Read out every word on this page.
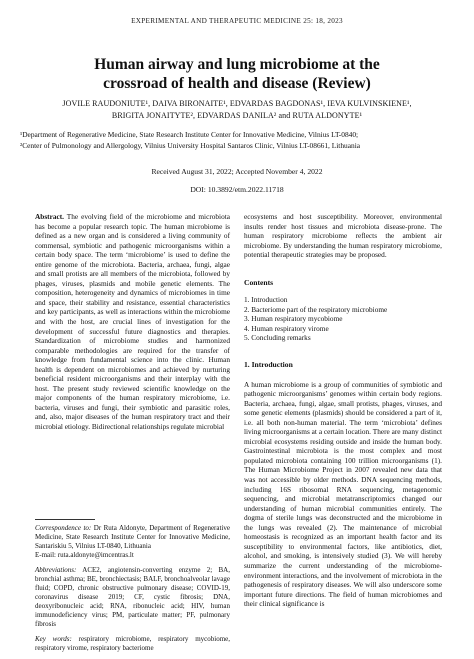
EXPERIMENTAL AND THERAPEUTIC MEDICINE 25: 18, 2023
Human airway and lung microbiome at the
crossroad of health and disease (Review)
JOVILE RAUDONIUTE¹, DAIVA BIRONAITE¹, EDVARDAS BAGDONAS¹, IEVA KULVINSKIENE¹,
BRIGITA JONAITYTE², EDVARDAS DANILA² and RUTA ALDONYTE¹

¹Department of Regenerative Medicine, State Research Institute Center for Innovative Medicine, Vilnius LT-0840;

²Center of Pulmonology and Allergology, Vilnius University Hospital Santaros Clinic, Vilnius LT-08661, Lithuania

Received August 31, 2022; Accepted November 4, 2022
DOI: 10.3892/etm.2022.11718

Abstract. The evolving field of the microbiome and microbiota has become a popular research topic. The human microbiome is defined as a new organ and is considered a living community of commensal, symbiotic and pathogenic microorganisms within a certain body space. The term ‘microbiome’ is used to define the entire genome of the microbiota. Bacteria, archaea, fungi, algae and small protists are all members of the microbiota, followed by phages, viruses, plasmids and mobile genetic elements. The composition, heterogeneity and dynamics of microbiomes in time and space, their stability and resistance, essential characteristics and key participants, as well as interactions within the microbiome and with the host, are crucial lines of investigation for the development of successful future diagnostics and therapies. Standardization of microbiome studies and harmonized comparable methodologies are required for the transfer of knowledge from fundamental science into the clinic. Human health is dependent on microbiomes and achieved by nurturing beneficial resident microorganisms and their interplay with the host. The present study reviewed scientific knowledge on the major components of the human respiratory microbiome, i.e. bacteria, viruses and fungi, their symbiotic and parasitic roles, and, also, major diseases of the human respiratory tract and their microbial etiology. Bidirectional relationships regulate microbial

Correspondence to: Dr Ruta Aldonyte, Department of Regenerative Medicine, State Research Institute Center for Innovative Medicine, Santariskiu 5, Vilnius LT-0840, Lithuania
E-mail: ruta.aldonyte@imcentras.lt

Abbreviations: ACE2, angiotensin-converting enzyme 2; BA, bronchial asthma; BE, bronchiectasis; BALF, bronchoalveolar lavage fluid; COPD, chronic obstructive pulmonary disease; COVID-19, coronavirus disease 2019; CF, cystic fibrosis; DNA, deoxyribonucleic acid; RNA, ribonucleic acid; HIV, human immunodeficiency virus; PM, particulate matter; PF, pulmonary fibrosis

Key words: respiratory microbiome, respiratory mycobiome, respiratory virome, respiratory bacteriome

ecosystems and host susceptibility. Moreover, environmental insults render host tissues and microbiota disease-prone. The human respiratory microbiome reflects the ambient air microbiome. By understanding the human respiratory microbiome, potential therapeutic strategies may be proposed.

Contents
1. Introduction
2. Bacteriome part of the respiratory microbiome
3. Human respiratory mycobiome
4. Human respiratory virome
5. Concluding remarks
1. Introduction

A human microbiome is a group of communities of symbiotic and pathogenic microorganisms’ genomes within certain body regions. Bacteria, archaea, fungi, algae, small protists, phages, viruses, and some genetic elements (plasmids) should be considered a part of it, i.e. all both non-human material. The term ‘microbiota’ defines living microorganisms at a certain location. There are many distinct microbial ecosystems residing outside and inside the human body. Gastrointestinal microbiota is the most complex and most populated microbiota containing 100 trillion microorganisms (1). The Human Microbiome Project in 2007 revealed new data that was not accessible by older methods. DNA sequencing methods, including 16S ribosomal RNA sequencing, metagenomic sequencing, and microbial metatranscriptomics changed our understanding of human microbial communities entirely. The dogma of sterile lungs was deconstructed and the microbiome in the lungs was revealed (2). The maintenance of microbial homeostasis is recognized as an important health factor and its susceptibility to environmental factors, like antibiotics, diet, alcohol, and smoking, is intensively studied (3). We will hereby summarize the current understanding of the microbiome-environment interactions, and the involvement of microbiota in the pathogenesis of respiratory diseases. We will also underscore some important future directions. The field of human microbiomes and their clinical significance is
